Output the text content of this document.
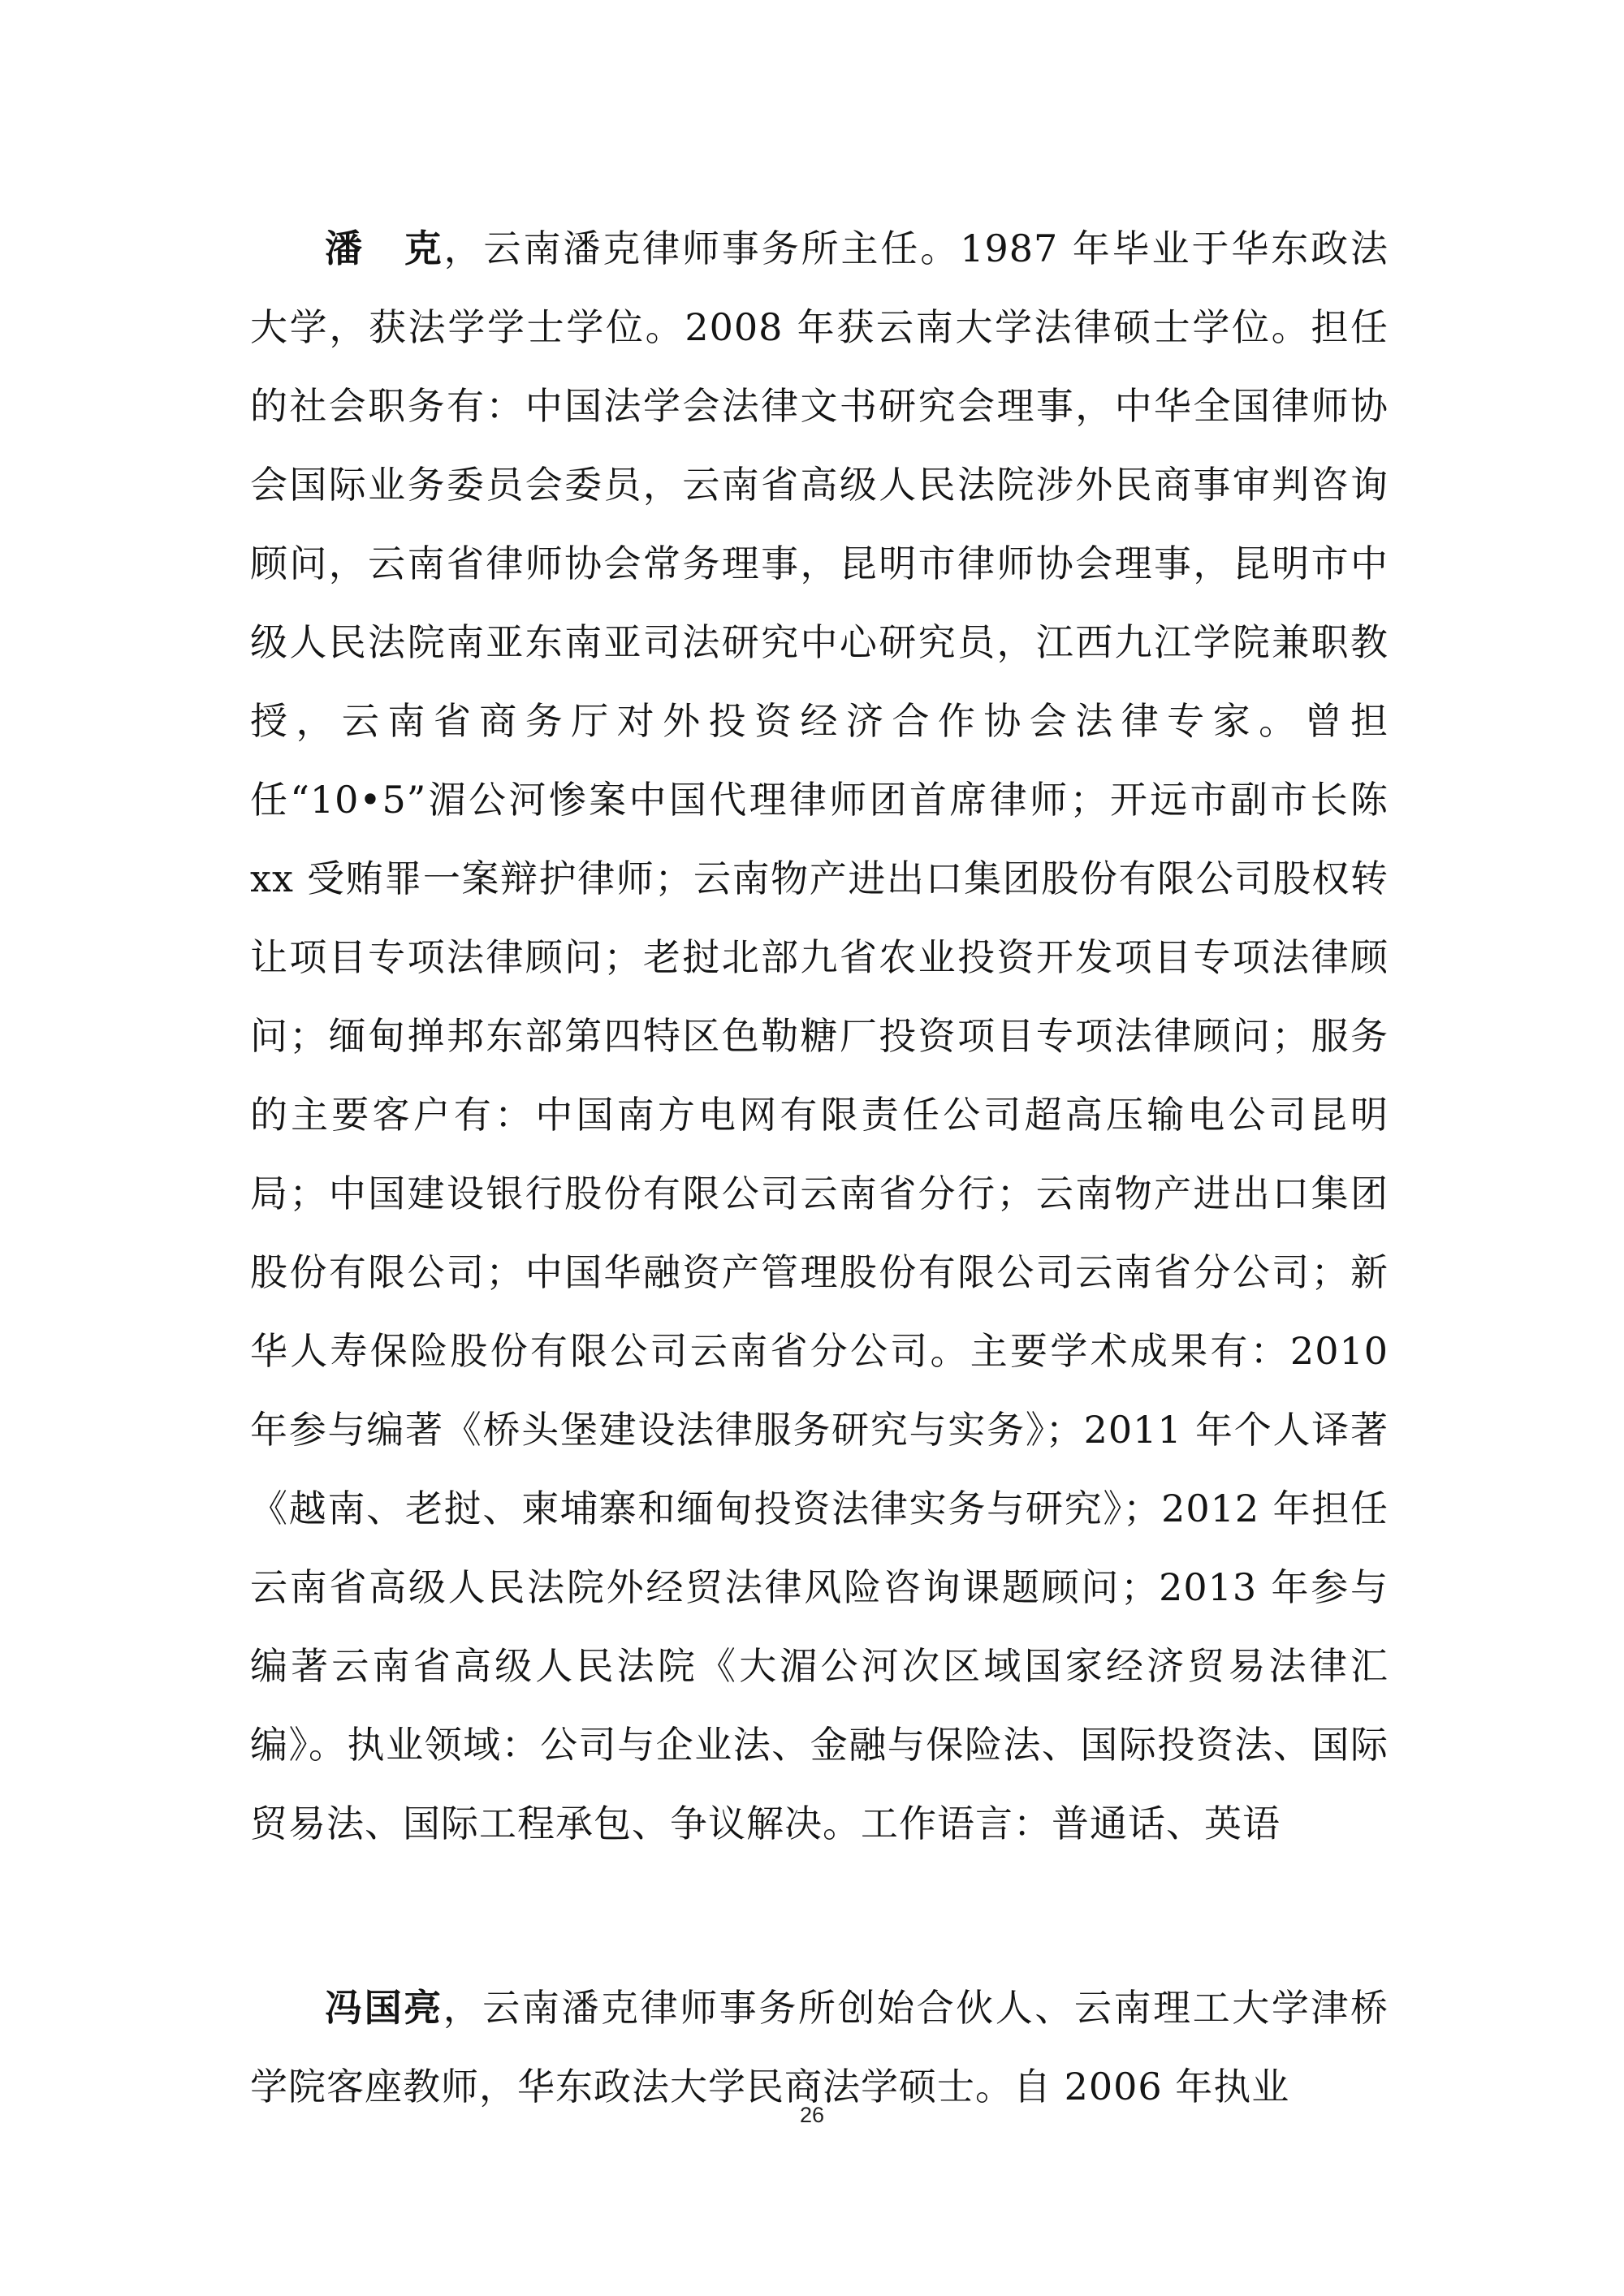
潘　克，云南潘克律师事务所主任。1987 年毕业于华东政法大学，获法学学士学位。2008 年获云南大学法律硕士学位。担任的社会职务有：中国法学会法律文书研究会理事，中华全国律师协会国际业务委员会委员，云南省高级人民法院涉外民商事审判咨询顾问，云南省律师协会常务理事，昆明市律师协会理事，昆明市中级人民法院南亚东南亚司法研究中心研究员，江西九江学院兼职教授，云南省商务厅对外投资经济合作协会法律专家。曾担任“10•5”湄公河惨案中国代理律师团首席律师；开远市副市长陈 xx 受贿罪一案辩护律师；云南物产进出口集团股份有限公司股权转让项目专项法律顾问；老挝北部九省农业投资开发项目专项法律顾问；缅甸掸邦东部第四特区色勒糖厂投资项目专项法律顾问；服务的主要客户有：中国南方电网有限责任公司超高压输电公司昆明局；中国建设银行股份有限公司云南省分行；云南物产进出口集团股份有限公司；中国华融资产管理股份有限公司云南省分公司；新华人寿保险股份有限公司云南省分公司。主要学术成果有：2010 年参与编著《桥头堡建设法律服务研究与实务》；2011 年个人译著《越南、老挝、柬埔寨和缅甸投资法律实务与研究》；2012 年担任云南省高级人民法院外经贸法律风险咨询课题顾问；2013 年参与编著云南省高级人民法院《大湄公河次区域国家经济贸易法律汇编》。执业领域：公司与企业法、金融与保险法、国际投资法、国际贸易法、国际工程承包、争议解决。工作语言：普通话、英语

冯国亮，云南潘克律师事务所创始合伙人、云南理工大学津桥学院客座教师，华东政法大学民商法学硕士。自 2006 年执业

26
